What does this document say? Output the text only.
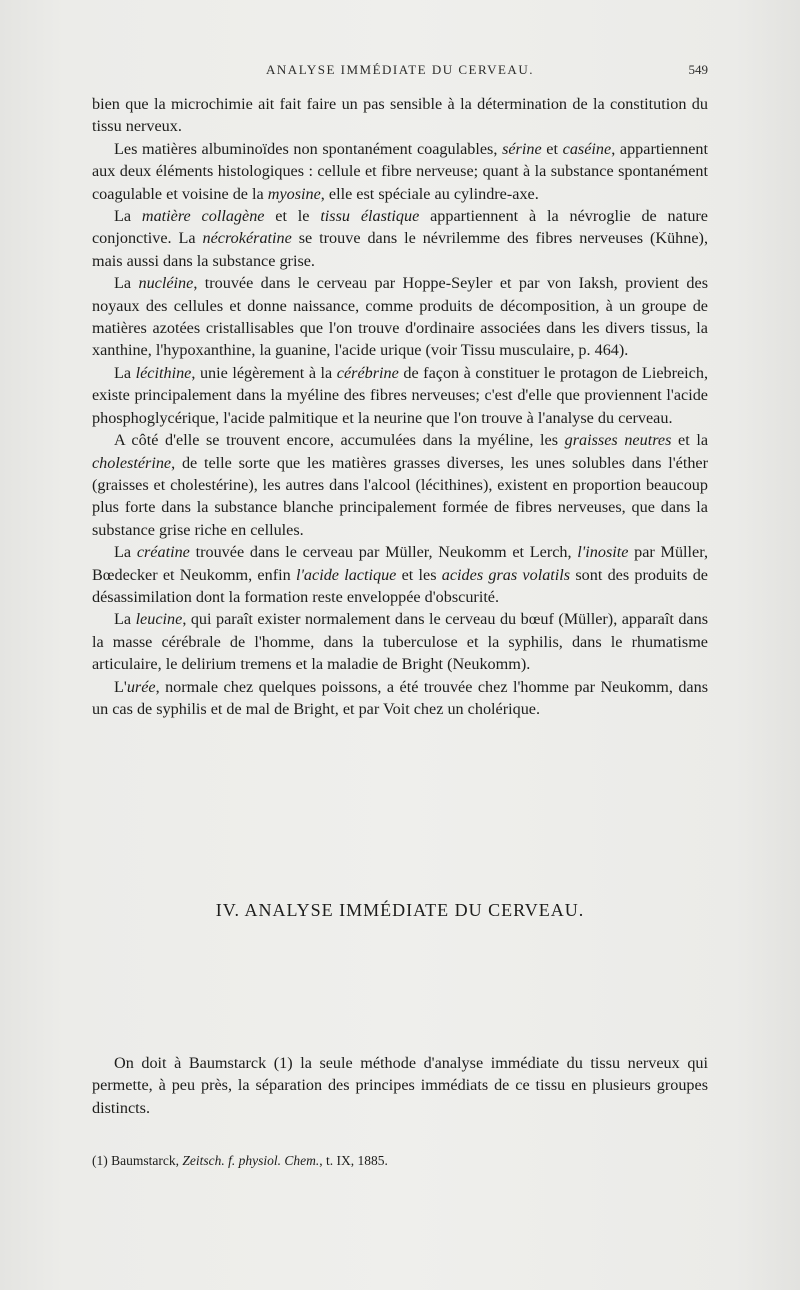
ANALYSE IMMÉDIATE DU CERVEAU.	549

bien que la microchimie ait fait faire un pas sensible à la détermination de la constitution du tissu nerveux.

Les matières albuminoïdes non spontanément coagulables, sérine et caséine, appartiennent aux deux éléments histologiques : cellule et fibre nerveuse; quant à la substance spontanément coagulable et voisine de la myosine, elle est spéciale au cylindre-axe.

La matière collagène et le tissu élastique appartiennent à la névroglie de nature conjonctive. La nécrokératine se trouve dans le névrilemme des fibres nerveuses (Kühne), mais aussi dans la substance grise.

La nucléine, trouvée dans le cerveau par Hoppe-Seyler et par von Iaksh, provient des noyaux des cellules et donne naissance, comme produits de décomposition, à un groupe de matières azotées cristallisables que l'on trouve d'ordinaire associées dans les divers tissus, la xanthine, l'hypoxanthine, la guanine, l'acide urique (voir Tissu musculaire, p. 464).

La lécithine, unie légèrement à la cérébrine de façon à constituer le protagon de Liebreich, existe principalement dans la myéline des fibres nerveuses; c'est d'elle que proviennent l'acide phosphoglycérique, l'acide palmitique et la neurine que l'on trouve à l'analyse du cerveau.

A côté d'elle se trouvent encore, accumulées dans la myéline, les graisses neutres et la cholestérine, de telle sorte que les matières grasses diverses, les unes solubles dans l'éther (graisses et cholestérine), les autres dans l'alcool (lécithines), existent en proportion beaucoup plus forte dans la substance blanche principalement formée de fibres nerveuses, que dans la substance grise riche en cellules.

La créatine trouvée dans le cerveau par Müller, Neukomm et Lerch, l'inosite par Müller, Bœdecker et Neukomm, enfin l'acide lactique et les acides gras volatils sont des produits de désassimilation dont la formation reste enveloppée d'obscurité.

La leucine, qui paraît exister normalement dans le cerveau du bœuf (Müller), apparaît dans la masse cérébrale de l'homme, dans la tuberculose et la syphilis, dans le rhumatisme articulaire, le delirium tremens et la maladie de Bright (Neukomm).

L'urée, normale chez quelques poissons, a été trouvée chez l'homme par Neukomm, dans un cas de syphilis et de mal de Bright, et par Voit chez un cholérique.

IV. ANALYSE IMMÉDIATE DU CERVEAU.

On doit à Baumstarck (1) la seule méthode d'analyse immédiate du tissu nerveux qui permette, à peu près, la séparation des principes immédiats de ce tissu en plusieurs groupes distincts.

(1) Baumstarck, Zeitsch. f. physiol. Chem., t. IX, 1885.
